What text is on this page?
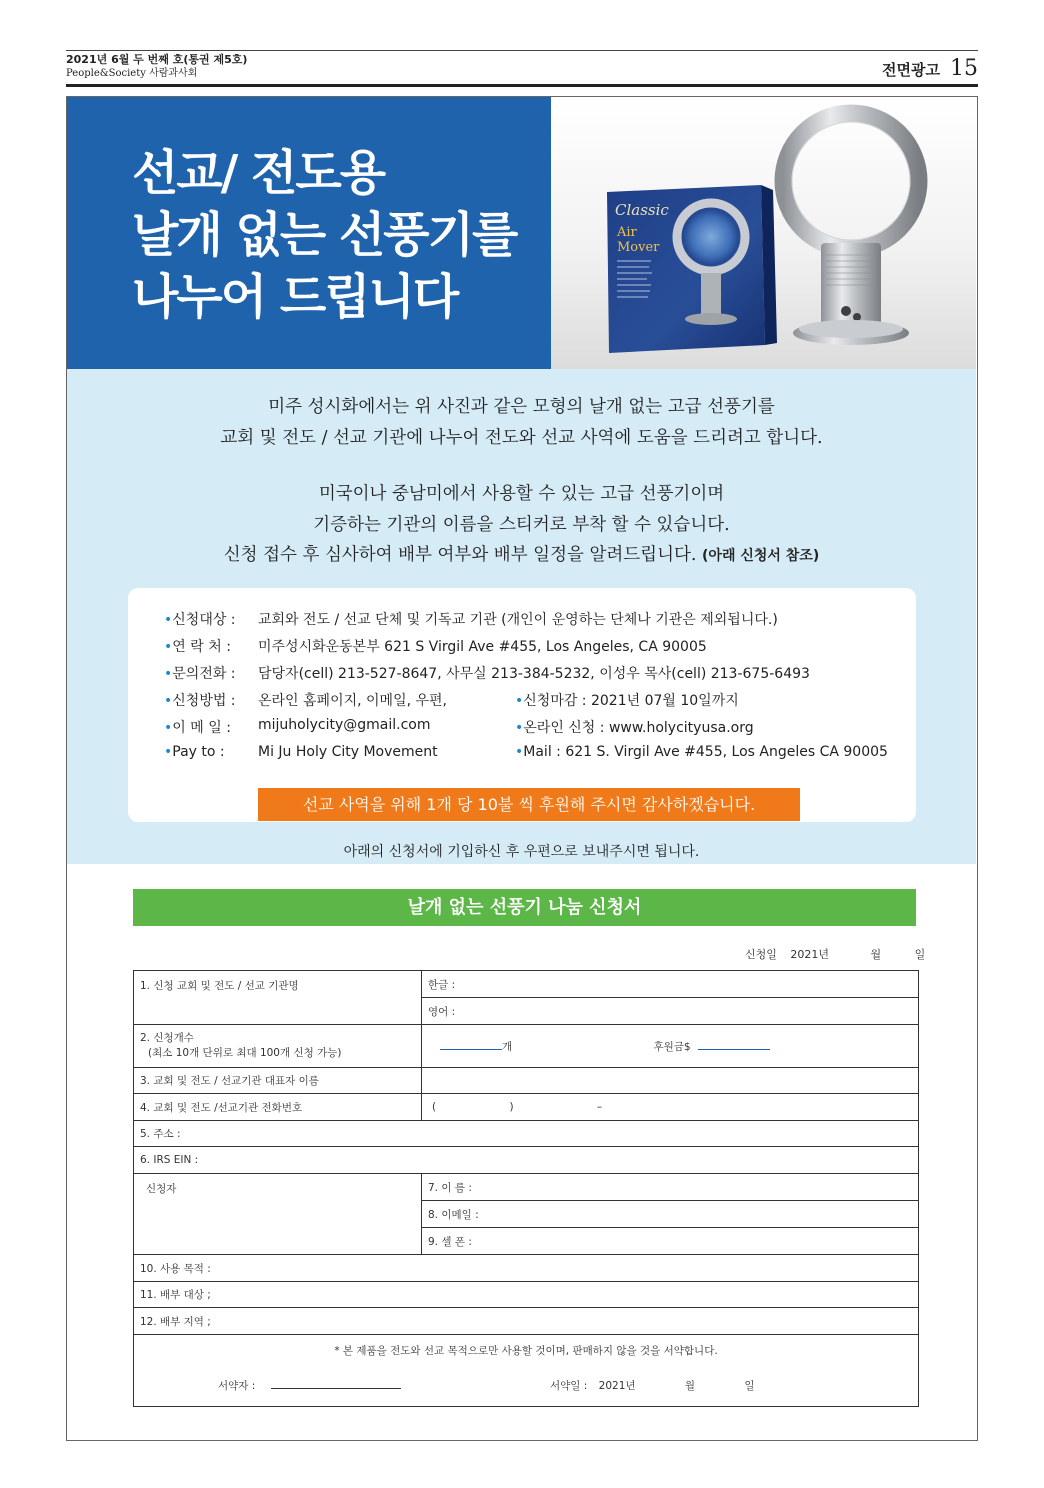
2021년 6월 두 번째 호(통권 제5호)
People&Society 사람과사회	전면광고 15
선교/ 전도용
날개 없는 선풍기를
나누어 드립니다
Classic
Air
Mover
미주 성시화에서는 위 사진과 같은 모형의 날개 없는 고급 선풍기를
교회 및 전도 / 선교 기관에 나누어 전도와 선교 사역에 도움을 드리려고 합니다.
미국이나 중남미에서 사용할 수 있는 고급 선풍기이며
기증하는 기관의 이름을 스티커로 부착 할 수 있습니다.
신청 접수 후 심사하여 배부 여부와 배부 일정을 알려드립니다. (아래 신청서 참조)
•신청대상 : 교회와 전도 / 선교 단체 및 기독교 기관 (개인이 운영하는 단체나 기관은 제외됩니다.)
•연 락 처 : 미주성시화운동본부 621 S Virgil Ave #455, Los Angeles, CA 90005
•문의전화 : 담당자(cell) 213-527-8647, 사무실 213-384-5232, 이성우 목사(cell) 213-675-6493
•신청방법 : 온라인 홈페이지, 이메일, 우편,	•신청마감 : 2021년 07월 10일까지
•이 메 일 : mijuholycity@gmail.com	•온라인 신청 : www.holycityusa.org
•Pay to : Mi Ju Holy City Movement	•Mail : 621 S. Virgil Ave #455, Los Angeles CA 90005
선교 사역을 위해 1개 당 10불 씩 후원해 주시면 감사하겠습니다.
아래의 신청서에 기입하신 후 우편으로 보내주시면 됩니다.
날개 없는 선풍기 나눔 신청서
신청일 2021년	월	일
1. 신청 교회 및 전도 / 선교 기관명	한글 :
	영어 :

2. 신청개수
(최소 10개 단위로 최대 100개 신청 가능)	개 후원금$
3. 교회 및 전도 / 선교기관 대표자 이름	
4. 교회 및 전도 /선교기관 전화번호	( ) –
5. 주소 :	
6. IRS EIN :	
신청자	7. 이 름 :
	8. 이메일 :
	9. 셀 폰 :
10. 사용 목적 :	
11. 배부 대상 ;	
12. 배부 지역 ;	

* 본 제품을 전도와 선교 목적으로만 사용할 것이며, 판매하지 않을 것을 서약합니다.
서약자 : 서약일 : 2021년 월 일	
